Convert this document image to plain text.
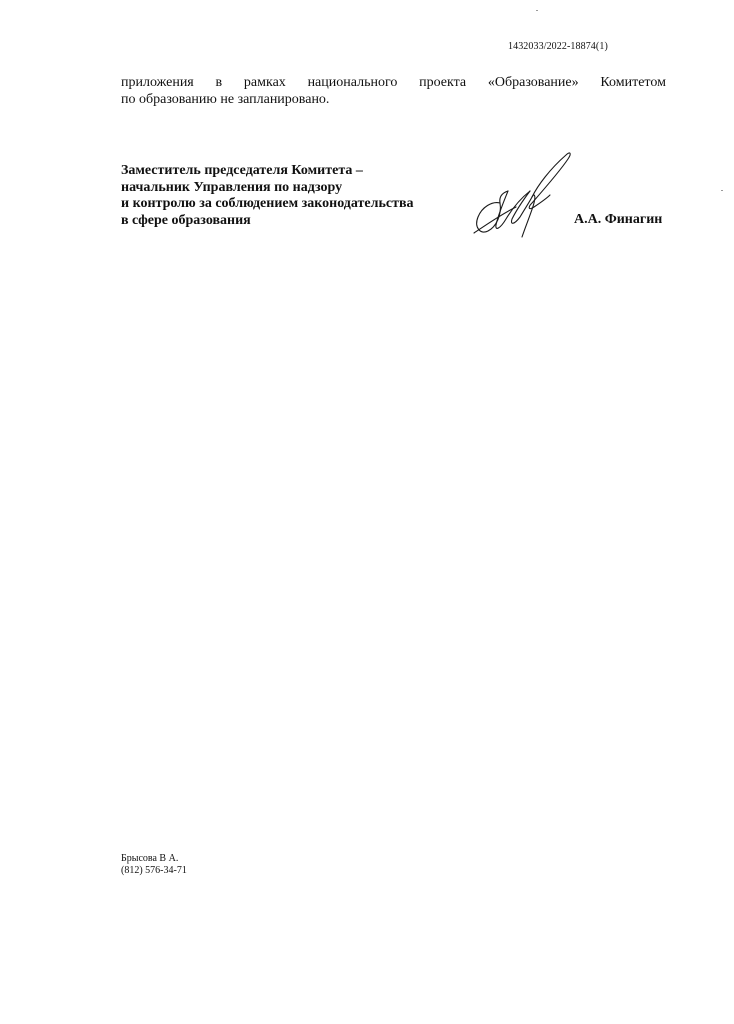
1432033/2022-18874(1)
приложения в рамках национального проекта «Образование» Комитетом
по образованию не запланировано.
Заместитель председателя Комитета –
начальник Управления по надзору
и контролю за соблюдением законодательства
в сфере образования	А.А. Финагин
Брысова В А.
(812) 576-34-71
